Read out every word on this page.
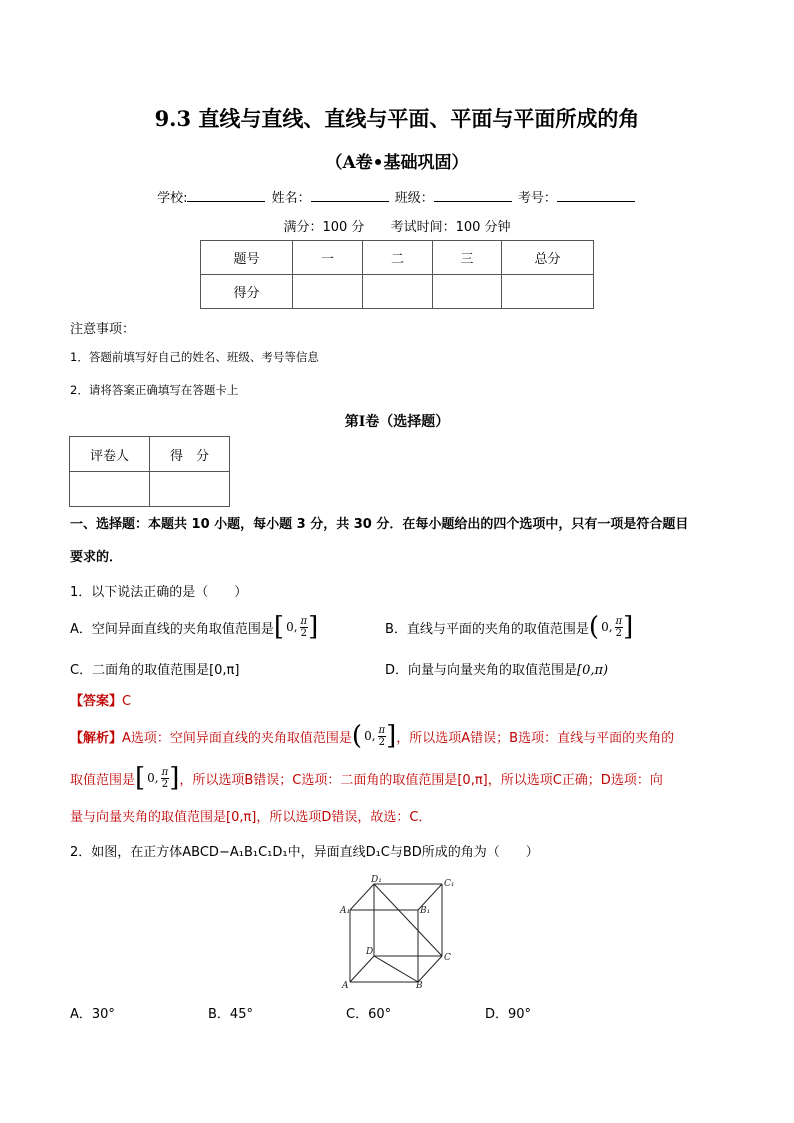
9.3 直线与直线、直线与平面、平面与平面所成的角
（A卷•基础巩固）
学校:	姓名：	班级：	考号：
满分：100 分 考试时间：100 分钟
题号	一	二	三	总分
得分				
注意事项：
1．答题前填写好自己的姓名、班级、考号等信息
2．请将答案正确填写在答题卡上
第Ⅰ卷（选择题）
评卷人	得　分

一、选择题：本题共 10 小题，每小题 3 分，共 30 分．在每小题给出的四个选项中，只有一项是符合题目
要求的．
1．以下说法正确的是（　　）
A．空间异面直线的夹角取值范围是 [ 0, $\frac{\pi}{2}$ ]	B．直线与平面的夹角的取值范围是 ( 0, $\frac{\pi}{2}$ ]
C．二面角的取值范围是[0,π]	D．向量与向量夹角的取值范围是[0,π)
【答案】C
【解析】 A选项：空间异面直线的夹角取值范围是 ( 0, $\frac{\pi}{2}$ ] ，所以选项A错误；B选项：直线与平面的夹角的
取值范围是 [ 0, $\frac{\pi}{2}$ ] ，所以选项B错误；C选项：二面角的取值范围是[0,π]，所以选项C正确；D选项：向
量与向量夹角的取值范围是[0,π]，所以选项D错误，故选：C．
2．如图，在正方体ABCD−A₁B₁C₁D₁中，异面直线D₁C与BD所成的角为（　　）
D₁	C₁
A₁	B₁
D
C
A	B
A．30°	B．45°	C．60°	D．90°
